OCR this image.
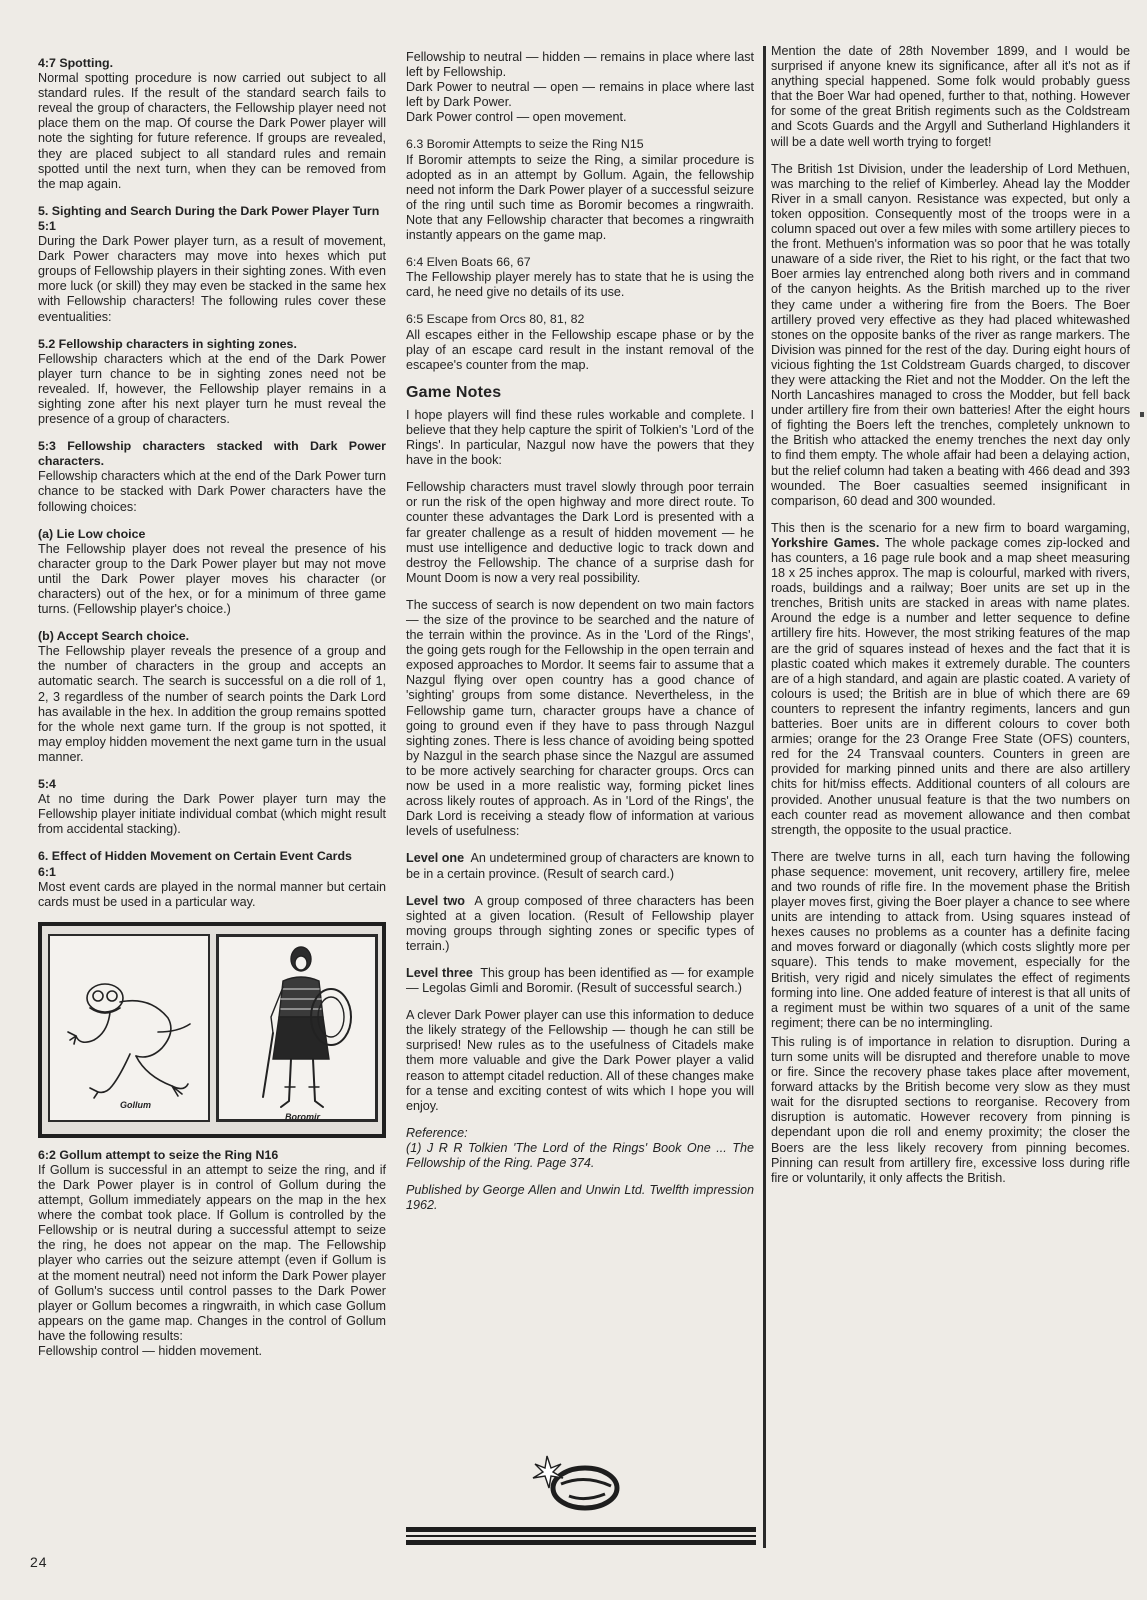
4:7 Spotting.

Normal spotting procedure is now carried out subject to all standard rules. If the result of the standard search fails to reveal the group of characters, the Fellowship player need not place them on the map. Of course the Dark Power player will note the sighting for future reference. If groups are revealed, they are placed subject to all standard rules and remain spotted until the next turn, when they can be removed from the map again.

5. Sighting and Search During the Dark Power Player Turn

5:1

During the Dark Power player turn, as a result of movement, Dark Power characters may move into hexes which put groups of Fellowship players in their sighting zones. With even more luck (or skill) they may even be stacked in the same hex with Fellowship characters! The following rules cover these eventualities:

5.2 Fellowship characters in sighting zones.

Fellowship characters which at the end of the Dark Power player turn chance to be in sighting zones need not be revealed. If, however, the Fellowship player remains in a sighting zone after his next player turn he must reveal the presence of a group of characters.

5:3 Fellowship characters stacked with Dark Power characters.

Fellowship characters which at the end of the Dark Power turn chance to be stacked with Dark Power characters have the following choices:

(a) Lie Low choice

The Fellowship player does not reveal the presence of his character group to the Dark Power player but may not move until the Dark Power player moves his character (or characters) out of the hex, or for a minimum of three game turns. (Fellowship player's choice.)

(b) Accept Search choice.

The Fellowship player reveals the presence of a group and the number of characters in the group and accepts an automatic search. The search is successful on a die roll of 1, 2, 3 regardless of the number of search points the Dark Lord has available in the hex. In addition the group remains spotted for the whole next game turn. If the group is not spotted, it may employ hidden movement the next game turn in the usual manner.

5:4

At no time during the Dark Power player turn may the Fellowship player initiate individual combat (which might result from accidental stacking).

6. Effect of Hidden Movement on Certain Event Cards

6:1

Most event cards are played in the normal manner but certain cards must be used in a particular way.

Gollum
Boromir

6:2 Gollum attempt to seize the Ring N16

If Gollum is successful in an attempt to seize the ring, and if the Dark Power player is in control of Gollum during the attempt, Gollum immediately appears on the map in the hex where the combat took place. If Gollum is controlled by the Fellowship or is neutral during a successful attempt to seize the ring, he does not appear on the map. The Fellowship player who carries out the seizure attempt (even if Gollum is at the moment neutral) need not inform the Dark Power player of Gollum's success until control passes to the Dark Power player or Gollum becomes a ringwraith, in which case Gollum appears on the game map. Changes in the control of Gollum have the following results:

Fellowship control — hidden movement.

Fellowship to neutral — hidden — remains in place where last left by Fellowship.

Dark Power to neutral — open — remains in place where last left by Dark Power.

Dark Power control — open movement.

6.3 Boromir Attempts to seize the Ring N15

If Boromir attempts to seize the Ring, a similar procedure is adopted as in an attempt by Gollum. Again, the fellowship need not inform the Dark Power player of a successful seizure of the ring until such time as Boromir becomes a ringwraith. Note that any Fellowship character that becomes a ringwraith instantly appears on the game map.

6:4 Elven Boats 66, 67

The Fellowship player merely has to state that he is using the card, he need give no details of its use.

6:5 Escape from Orcs 80, 81, 82

All escapes either in the Fellowship escape phase or by the play of an escape card result in the instant removal of the escapee's counter from the map.

Game Notes

I hope players will find these rules workable and complete. I believe that they help capture the spirit of Tolkien's 'Lord of the Rings'. In particular, Nazgul now have the powers that they have in the book:

Fellowship characters must travel slowly through poor terrain or run the risk of the open highway and more direct route. To counter these advantages the Dark Lord is presented with a far greater challenge as a result of hidden movement — he must use intelligence and deductive logic to track down and destroy the Fellowship. The chance of a surprise dash for Mount Doom is now a very real possibility.

The success of search is now dependent on two main factors — the size of the province to be searched and the nature of the terrain within the province. As in the 'Lord of the Rings', the going gets rough for the Fellowship in the open terrain and exposed approaches to Mordor. It seems fair to assume that a Nazgul flying over open country has a good chance of 'sighting' groups from some distance. Nevertheless, in the Fellowship game turn, character groups have a chance of going to ground even if they have to pass through Nazgul sighting zones. There is less chance of avoiding being spotted by Nazgul in the search phase since the Nazgul are assumed to be more actively searching for character groups. Orcs can now be used in a more realistic way, forming picket lines across likely routes of approach. As in 'Lord of the Rings', the Dark Lord is receiving a steady flow of information at various levels of usefulness:

Level one An undetermined group of characters are known to be in a certain province. (Result of search card.)

Level two A group composed of three characters has been sighted at a given location. (Result of Fellowship player moving groups through sighting zones or specific types of terrain.)

Level three This group has been identified as — for example — Legolas Gimli and Boromir. (Result of successful search.)

A clever Dark Power player can use this information to deduce the likely strategy of the Fellowship — though he can still be surprised! New rules as to the usefulness of Citadels make them more valuable and give the Dark Power player a valid reason to attempt citadel reduction. All of these changes make for a tense and exciting contest of wits which I hope you will enjoy.

Reference:

(1) J R R Tolkien 'The Lord of the Rings' Book One ... The Fellowship of the Ring. Page 374.

Published by George Allen and Unwin Ltd. Twelfth impression 1962.

Mention the date of 28th November 1899, and I would be surprised if anyone knew its significance, after all it's not as if anything special happened. Some folk would probably guess that the Boer War had opened, further to that, nothing. However for some of the great British regiments such as the Coldstream and Scots Guards and the Argyll and Sutherland Highlanders it will be a date well worth trying to forget!

The British 1st Division, under the leadership of Lord Methuen, was marching to the relief of Kimberley. Ahead lay the Modder River in a small canyon. Resistance was expected, but only a token opposition. Consequently most of the troops were in a column spaced out over a few miles with some artillery pieces to the front. Methuen's information was so poor that he was totally unaware of a side river, the Riet to his right, or the fact that two Boer armies lay entrenched along both rivers and in command of the canyon heights. As the British marched up to the river they came under a withering fire from the Boers. The Boer artillery proved very effective as they had placed whitewashed stones on the opposite banks of the river as range markers. The Division was pinned for the rest of the day. During eight hours of vicious fighting the 1st Coldstream Guards charged, to discover they were attacking the Riet and not the Modder. On the left the North Lancashires managed to cross the Modder, but fell back under artillery fire from their own batteries! After the eight hours of fighting the Boers left the trenches, completely unknown to the British who attacked the enemy trenches the next day only to find them empty. The whole affair had been a delaying action, but the relief column had taken a beating with 466 dead and 393 wounded. The Boer casualties seemed insignificant in comparison, 60 dead and 300 wounded.

This then is the scenario for a new firm to board wargaming, Yorkshire Games. The whole package comes zip-locked and has counters, a 16 page rule book and a map sheet measuring 18 x 25 inches approx. The map is colourful, marked with rivers, roads, buildings and a railway; Boer units are set up in the trenches, British units are stacked in areas with name plates. Around the edge is a number and letter sequence to define artillery fire hits. However, the most striking features of the map are the grid of squares instead of hexes and the fact that it is plastic coated which makes it extremely durable. The counters are of a high standard, and again are plastic coated. A variety of colours is used; the British are in blue of which there are 69 counters to represent the infantry regiments, lancers and gun batteries. Boer units are in different colours to cover both armies; orange for the 23 Orange Free State (OFS) counters, red for the 24 Transvaal counters. Counters in green are provided for marking pinned units and there are also artillery chits for hit/miss effects. Additional counters of all colours are provided. Another unusual feature is that the two numbers on each counter read as movement allowance and then combat strength, the opposite to the usual practice.

There are twelve turns in all, each turn having the following phase sequence: movement, unit recovery, artillery fire, melee and two rounds of rifle fire. In the movement phase the British player moves first, giving the Boer player a chance to see where units are intending to attack from. Using squares instead of hexes causes no problems as a counter has a definite facing and moves forward or diagonally (which costs slightly more per square). This tends to make movement, especially for the British, very rigid and nicely simulates the effect of regiments forming into line. One added feature of interest is that all units of a regiment must be within two squares of a unit of the same regiment; there can be no intermingling.

This ruling is of importance in relation to disruption. During a turn some units will be disrupted and therefore unable to move or fire. Since the recovery phase takes place after movement, forward attacks by the British become very slow as they must wait for the disrupted sections to reorganise. Recovery from disruption is automatic. However recovery from pinning is dependant upon die roll and enemy proximity; the closer the Boers are the less likely recovery from pinning becomes. Pinning can result from artillery fire, excessive loss during rifle fire or voluntarily, it only affects the British.

24
